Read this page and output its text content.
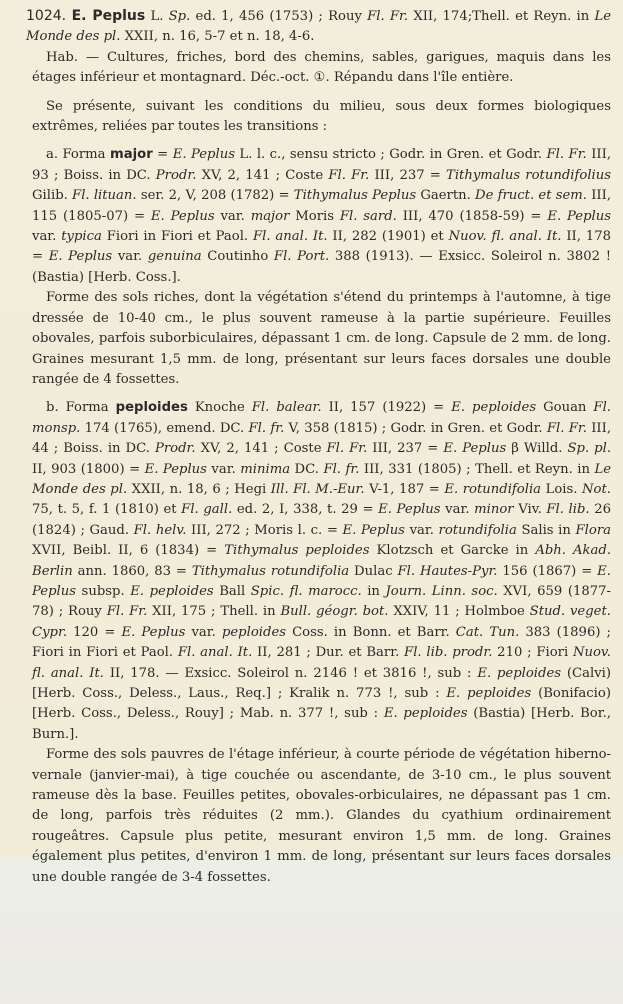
1024. E. Peplus L. Sp. ed. 1, 456 (1753) ; Rouy Fl. Fr. XII, 174;Thell. et Reyn. in Le Monde des pl. XXII, n. 16, 5-7 et n. 18, 4-6.

Hab. — Cultures, friches, bord des chemins, sables, garigues, maquis dans les étages inférieur et montagnard. Déc.-oct. ①. Répandu dans l'île entière.

Se présente, suivant les conditions du milieu, sous deux formes biologiques extrêmes, reliées par toutes les transitions :

a. Forma major = E. Peplus L. l. c., sensu stricto ; Godr. in Gren. et Godr. Fl. Fr. III, 93 ; Boiss. in DC. Prodr. XV, 2, 141 ; Coste Fl. Fr. III, 237 = Tithymalus rotundifolius Gilib. Fl. lituan. ser. 2, V, 208 (1782) = Tithymalus Peplus Gaertn. De fruct. et sem. III, 115 (1805-07) = E. Peplus var. major Moris Fl. sard. III, 470 (1858-59) = E. Peplus var. typica Fiori in Fiori et Paol. Fl. anal. It. II, 282 (1901) et Nuov. fl. anal. It. II, 178 = E. Peplus var. genuina Coutinho Fl. Port. 388 (1913). — Exsicc. Soleirol n. 3802 ! (Bastia) [Herb. Coss.].

Forme des sols riches, dont la végétation s'étend du printemps à l'automne, à tige dressée de 10-40 cm., le plus souvent rameuse à la partie supérieure. Feuilles obovales, parfois suborbiculaires, dépassant 1 cm. de long. Capsule de 2 mm. de long. Graines mesurant 1,5 mm. de long, présentant sur leurs faces dorsales une double rangée de 4 fossettes.

b. Forma peploides Knoche Fl. balear. II, 157 (1922) = E. peploides Gouan Fl. monsp. 174 (1765), emend. DC. Fl. fr. V, 358 (1815) ; Godr. in Gren. et Godr. Fl. Fr. III, 44 ; Boiss. in DC. Prodr. XV, 2, 141 ; Coste Fl. Fr. III, 237 = E. Peplus β Willd. Sp. pl. II, 903 (1800) = E. Peplus var. minima DC. Fl. fr. III, 331 (1805) ; Thell. et Reyn. in Le Monde des pl. XXII, n. 18, 6 ; Hegi Ill. Fl. M.-Eur. V-1, 187 = E. rotundifolia Lois. Not. 75, t. 5, f. 1 (1810) et Fl. gall. ed. 2, I, 338, t. 29 = E. Peplus var. minor Viv. Fl. lib. 26 (1824) ; Gaud. Fl. helv. III, 272 ; Moris l. c. = E. Peplus var. rotundifolia Salis in Flora XVII, Beibl. II, 6 (1834) = Tithymalus peploides Klotzsch et Garcke in Abh. Akad. Berlin ann. 1860, 83 = Tithymalus rotundifolia Dulac Fl. Hautes-Pyr. 156 (1867) = E. Peplus subsp. E. peploides Ball Spic. fl. marocc. in Journ. Linn. soc. XVI, 659 (1877-78) ; Rouy Fl. Fr. XII, 175 ; Thell. in Bull. géogr. bot. XXIV, 11 ; Holmboe Stud. veget. Cypr. 120 = E. Peplus var. peploides Coss. in Bonn. et Barr. Cat. Tun. 383 (1896) ; Fiori in Fiori et Paol. Fl. anal. It. II, 281 ; Dur. et Barr. Fl. lib. prodr. 210 ; Fiori Nuov. fl. anal. It. II, 178. — Exsicc. Soleirol n. 2146 ! et 3816 !, sub : E. peploides (Calvi) [Herb. Coss., Deless., Laus., Req.] ; Kralik n. 773 !, sub : E. peploides (Bonifacio) [Herb. Coss., Deless., Rouy] ; Mab. n. 377 !, sub : E. peploides (Bastia) [Herb. Bor., Burn.].

Forme des sols pauvres de l'étage inférieur, à courte période de végétation hiberno-vernale (janvier-mai), à tige couchée ou ascendante, de 3-10 cm., le plus souvent rameuse dès la base. Feuilles petites, obovales-orbiculaires, ne dépassant pas 1 cm. de long, parfois très réduites (2 mm.). Glandes du cyathium ordinairement rougeâtres. Capsule plus petite, mesurant environ 1,5 mm. de long. Graines également plus petites, d'environ 1 mm. de long, présentant sur leurs faces dorsales une double rangée de 3-4 fossettes.
